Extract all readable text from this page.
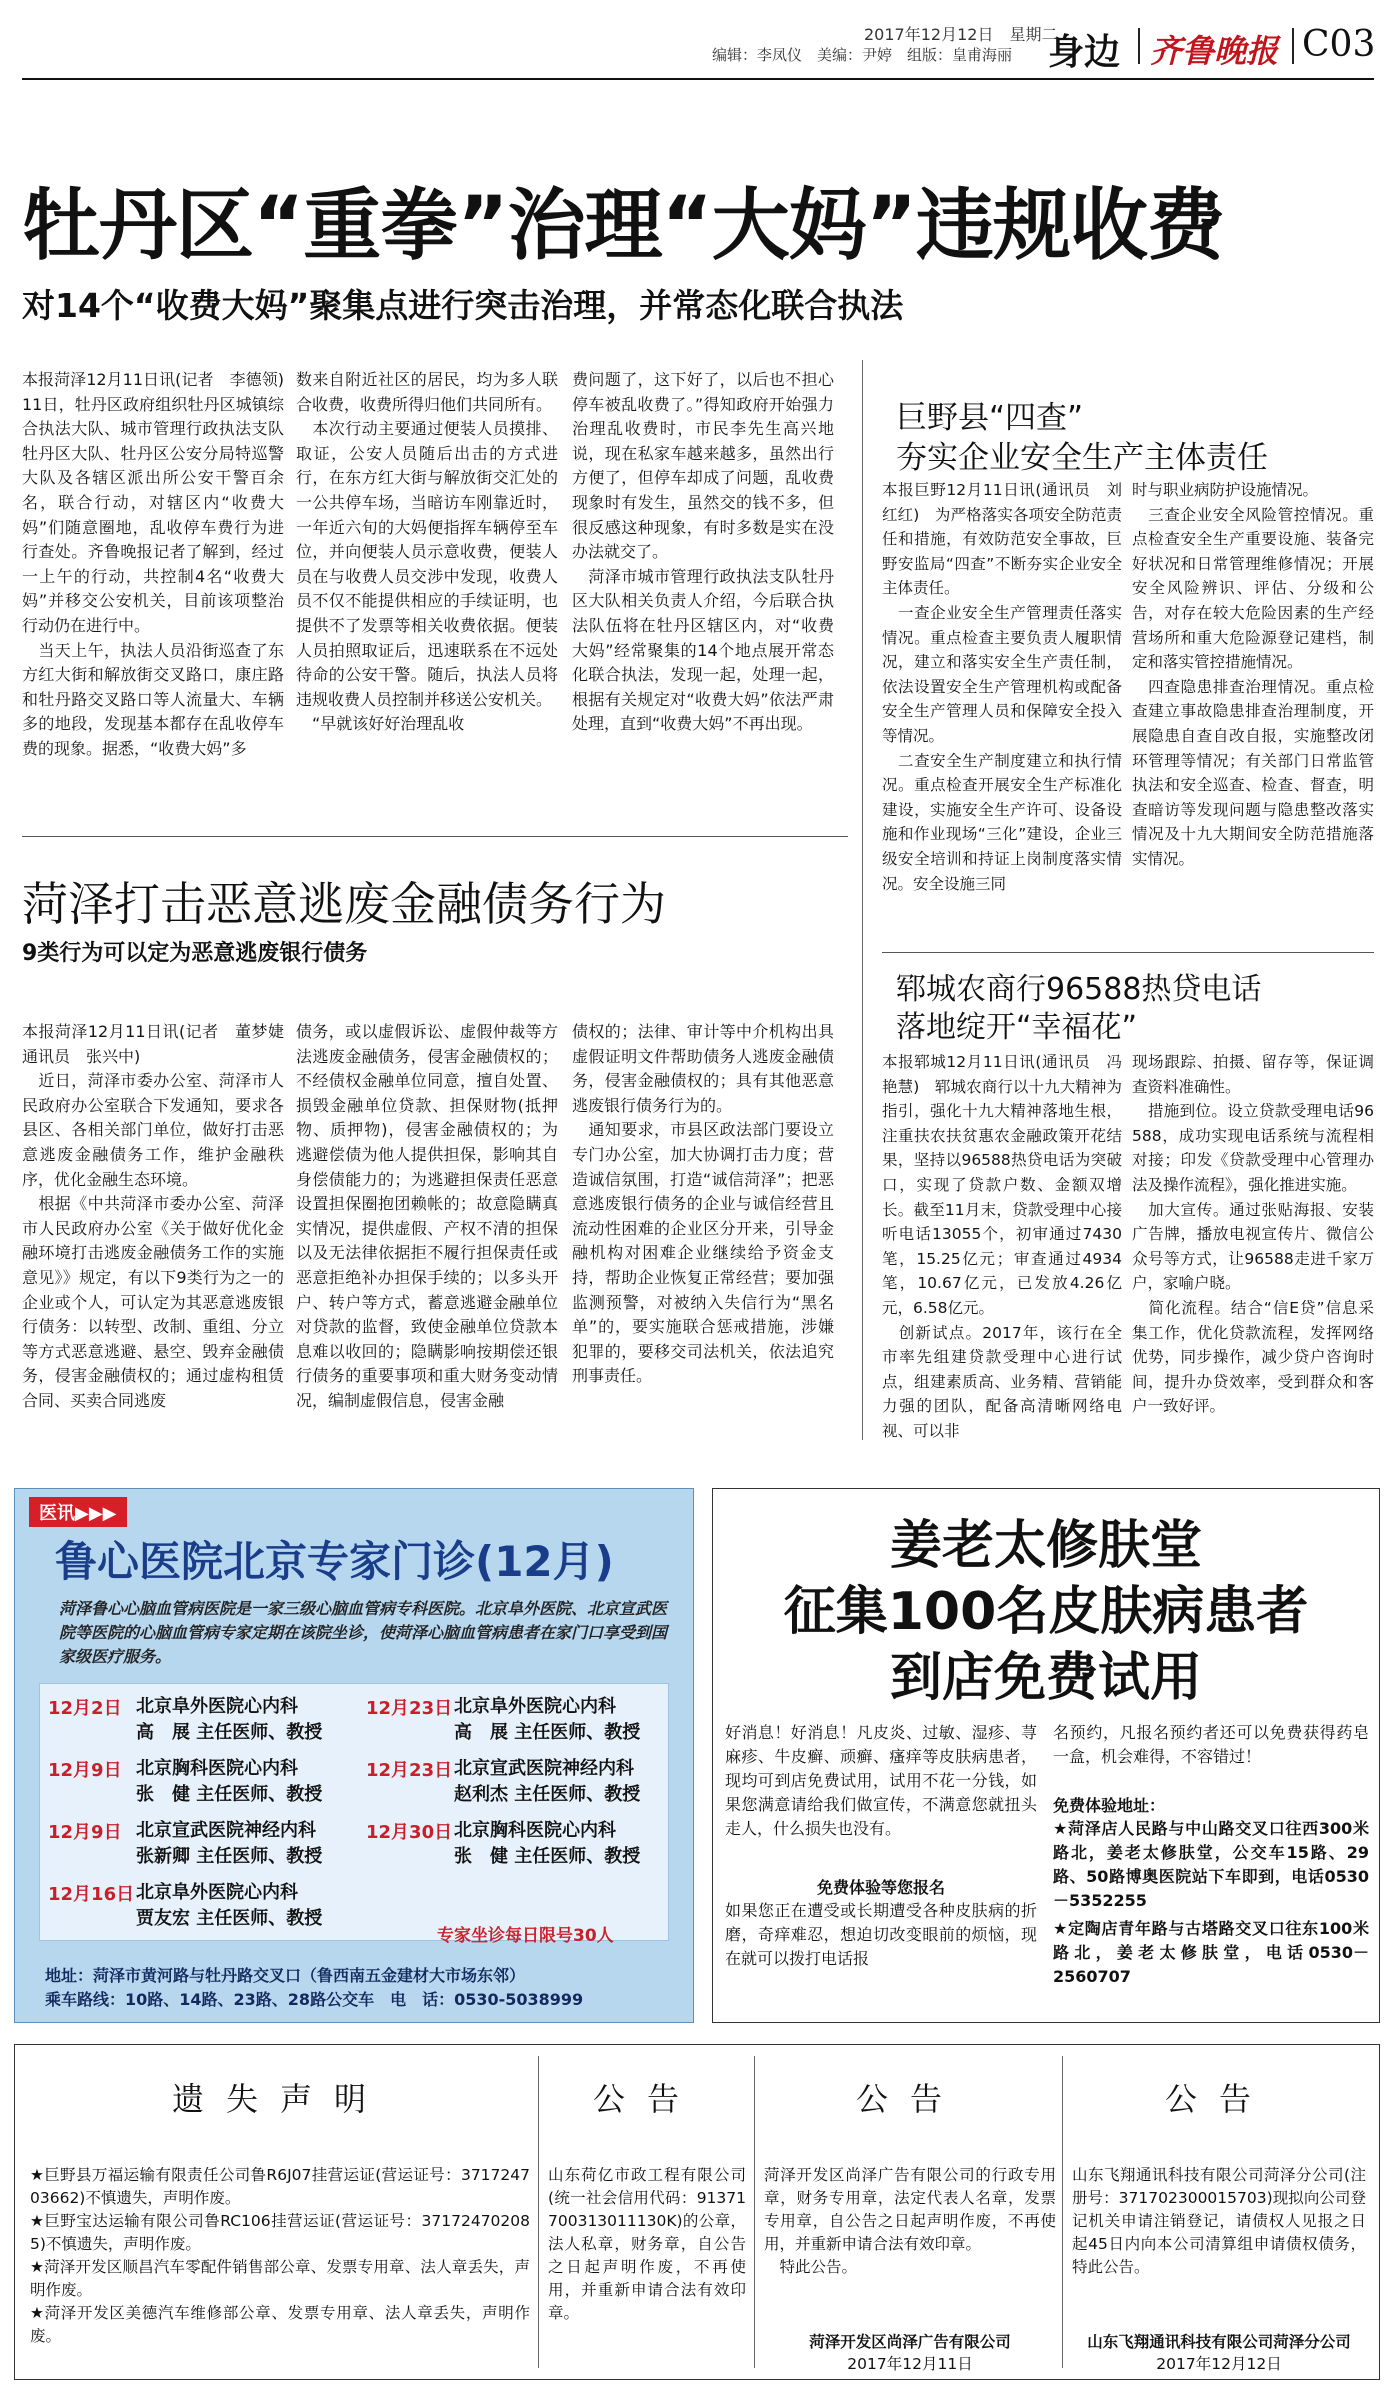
2017年12月12日　星期二
编辑：李凤仪　美编：尹婷　组版：皇甫海丽 身边 齐鲁晚报 C03
牡丹区“重拳”治理“大妈”违规收费
对14个“收费大妈”聚集点进行突击治理，并常态化联合执法
本报菏泽12月11日讯(记者　李德领)　11日，牡丹区政府组织牡丹区城镇综合执法大队、城市管理行政执法支队牡丹区大队、牡丹区公安分局特巡警大队及各辖区派出所公安干警百余名，联合行动，对辖区内“收费大妈”们随意圈地，乱收停车费行为进行查处。齐鲁晚报记者了解到，经过一上午的行动，共控制4名“收费大妈”并移交公安机关，目前该项整治行动仍在进行中。
　当天上午，执法人员沿街巡查了东方红大街和解放街交叉路口，康庄路和牡丹路交叉路口等人流量大、车辆多的地段，发现基本都存在乱收停车费的现象。据悉，“收费大妈”多
数来自附近社区的居民，均为多人联合收费，收费所得归他们共同所有。
　本次行动主要通过便装人员摸排、取证，公安人员随后出击的方式进行，在东方红大街与解放街交汇处的一公共停车场，当暗访车刚靠近时，一年近六旬的大妈便指挥车辆停至车位，并向便装人员示意收费，便装人员在与收费人员交涉中发现，收费人员不仅不能提供相应的手续证明，也提供不了发票等相关收费依据。便装人员拍照取证后，迅速联系在不远处待命的公安干警。随后，执法人员将违规收费人员控制并移送公安机关。
　“早就该好好治理乱收
费问题了，这下好了，以后也不担心停车被乱收费了。”得知政府开始强力治理乱收费时，市民李先生高兴地说，现在私家车越来越多，虽然出行方便了，但停车却成了问题，乱收费现象时有发生，虽然交的钱不多，但很反感这种现象，有时多数是实在没办法就交了。
　菏泽市城市管理行政执法支队牡丹区大队相关负责人介绍，今后联合执法队伍将在牡丹区辖区内，对“收费大妈”经常聚集的14个地点展开常态化联合执法，发现一起，处理一起，根据有关规定对“收费大妈”依法严肃处理，直到“收费大妈”不再出现。
菏泽打击恶意逃废金融债务行为
9类行为可以定为恶意逃废银行债务
本报菏泽12月11日讯(记者　董梦婕　通讯员　张兴中)
　近日，菏泽市委办公室、菏泽市人民政府办公室联合下发通知，要求各县区、各相关部门单位，做好打击恶意逃废金融债务工作，维护金融秩序，优化金融生态环境。
　根据《中共菏泽市委办公室、菏泽市人民政府办公室《关于做好优化金融环境打击逃废金融债务工作的实施意见》》规定，有以下9类行为之一的企业或个人，可认定为其恶意逃废银行债务：以转型、改制、重组、分立等方式恶意逃避、悬空、毁弃金融债务，侵害金融债权的；通过虚构租赁合同、买卖合同逃废
债务，或以虚假诉讼、虚假仲裁等方法逃废金融债务，侵害金融债权的；不经债权金融单位同意，擅自处置、损毁金融单位贷款、担保财物(抵押物、质押物)，侵害金融债权的；为逃避偿债为他人提供担保，影响其自身偿债能力的；为逃避担保责任恶意设置担保圈抱团赖帐的；故意隐瞒真实情况，提供虚假、产权不清的担保以及无法律依据拒不履行担保责任或恶意拒绝补办担保手续的；以多头开户、转户等方式，蓄意逃避金融单位对贷款的监督，致使金融单位贷款本息难以收回的；隐瞒影响按期偿还银行债务的重要事项和重大财务变动情况，编制虚假信息，侵害金融
债权的；法律、审计等中介机构出具虚假证明文件帮助债务人逃废金融债务，侵害金融债权的；具有其他恶意逃废银行债务行为的。
　通知要求，市县区政法部门要设立专门办公室，加大协调打击力度；营造诚信氛围，打造“诚信菏泽”；把恶意逃废银行债务的企业与诚信经营且流动性困难的企业区分开来，引导金融机构对困难企业继续给予资金支持，帮助企业恢复正常经营；要加强监测预警，对被纳入失信行为“黑名单”的，要实施联合惩戒措施，涉嫌犯罪的，要移交司法机关，依法追究刑事责任。
巨野县“四查”
夯实企业安全生产主体责任
本报巨野12月11日讯(通讯员　刘红红)　为严格落实各项安全防范责任和措施，有效防范安全事故，巨野安监局“四查”不断夯实企业安全主体责任。
　一查企业安全生产管理责任落实情况。重点检查主要负责人履职情况，建立和落实安全生产责任制，依法设置安全生产管理机构或配备安全生产管理人员和保障安全投入等情况。
　二查安全生产制度建立和执行情况。重点检查开展安全生产标准化建设，实施安全生产许可、设备设施和作业现场“三化”建设，企业三级安全培训和持证上岗制度落实情况。安全设施三同
时与职业病防护设施情况。
　三查企业安全风险管控情况。重点检查安全生产重要设施、装备完好状况和日常管理维修情况；开展安全风险辨识、评估、分级和公告，对存在较大危险因素的生产经营场所和重大危险源登记建档，制定和落实管控措施情况。
　四查隐患排查治理情况。重点检查建立事故隐患排查治理制度，开展隐患自查自改自报，实施整改闭环管理等情况；有关部门日常监管执法和安全巡查、检查、督查，明查暗访等发现问题与隐患整改落实情况及十九大期间安全防范措施落实情况。
郓城农商行96588热贷电话
落地绽开“幸福花”
本报郓城12月11日讯(通讯员　冯艳慧)　郓城农商行以十九大精神为指引，强化十九大精神落地生根，注重扶农扶贫惠农金融政策开花结果，坚持以96588热贷电话为突破口，实现了贷款户数、金额双增长。截至11月末，贷款受理中心接听电话13055个，初审通过7430笔，15.25亿元；审查通过4934笔，10.67亿元，已发放4.26亿元，6.58亿元。
　创新试点。2017年，该行在全市率先组建贷款受理中心进行试点，组建素质高、业务精、营销能力强的团队，配备高清晰网络电视、可以非
现场跟踪、拍摄、留存等，保证调查资料准确性。
　措施到位。设立贷款受理电话96588，成功实现电话系统与流程相对接；印发《贷款受理中心管理办法及操作流程》，强化推进实施。
　加大宣传。通过张贴海报、安装广告牌，播放电视宣传片、微信公众号等方式，让96588走进千家万户，家喻户晓。
　简化流程。结合“信E贷”信息采集工作，优化贷款流程，发挥网络优势，同步操作，减少贷户咨询时间，提升办贷效率，受到群众和客户一致好评。
医讯▶▶▶
鲁心医院北京专家门诊(12月)
菏泽鲁心心脑血管病医院是一家三级心脑血管病专科医院。北京阜外医院、北京宣武医院等医院的心脑血管病专家定期在该院坐诊，使菏泽心脑血管病患者在家门口享受到国家级医疗服务。
12月2日 北京阜外医院心内科
高　展 主任医师、教授
12月23日 北京阜外医院心内科
高　展 主任医师、教授
12月9日 北京胸科医院心内科
张　健 主任医师、教授
12月23日 北京宣武医院神经内科
赵利杰 主任医师、教授
12月9日 北京宣武医院神经内科
张新卿 主任医师、教授
12月30日 北京胸科医院心内科
张　健 主任医师、教授
12月16日 北京阜外医院心内科
贾友宏 主任医师、教授
专家坐诊每日限号30人
地址：菏泽市黄河路与牡丹路交叉口（鲁西南五金建材大市场东邻）
乘车路线：10路、14路、23路、28路公交车　电　话：0530-5038999
姜老太修肤堂
征集100名皮肤病患者
到店免费试用
好消息！好消息！凡皮炎、过敏、湿疹、荨麻疹、牛皮癣、顽癣、瘙痒等皮肤病患者，现均可到店免费试用，试用不花一分钱，如果您满意请给我们做宣传，不满意您就扭头走人，什么损失也没有。
免费体验等您报名
如果您正在遭受或长期遭受各种皮肤病的折磨，奇痒难忍，想迫切改变眼前的烦恼，现在就可以拨打电话报
名预约，凡报名预约者还可以免费获得药皂一盒，机会难得，不容错过！
免费体验地址：
★菏泽店人民路与中山路交叉口往西300米路北，姜老太修肤堂，公交车15路、29路、50路博奥医院站下车即到，电话0530－5352255
★定陶店青年路与古塔路交叉口往东100米路北，姜老太修肤堂，电话0530－2560707
遗失声明
★巨野县万福运输有限责任公司鲁R6J07挂营运证(营运证号：371724703662)不慎遗失，声明作废。
★巨野宝达运输有限公司鲁RC106挂营运证(营运证号：371724702085)不慎遗失，声明作废。
★菏泽开发区顺昌汽车零配件销售部公章、发票专用章、法人章丢失，声明作废。
★菏泽开发区美德汽车维修部公章、发票专用章、法人章丢失，声明作废。
公告
山东荷亿市政工程有限公司(统一社会信用代码：91371700313011130K)的公章，法人私章，财务章，自公告之日起声明作废，不再使用，并重新申请合法有效印章。
公告
菏泽开发区尚泽广告有限公司的行政专用章，财务专用章，法定代表人名章，发票专用章，自公告之日起声明作废，不再使用，并重新申请合法有效印章。
　特此公告。
菏泽开发区尚泽广告有限公司
2017年12月11日
公告
山东飞翔通讯科技有限公司菏泽分公司(注册号：371702300015703)现拟向公司登记机关申请注销登记，请债权人见报之日起45日内向本公司清算组申请债权债务，特此公告。
山东飞翔通讯科技有限公司菏泽分公司
2017年12月12日
